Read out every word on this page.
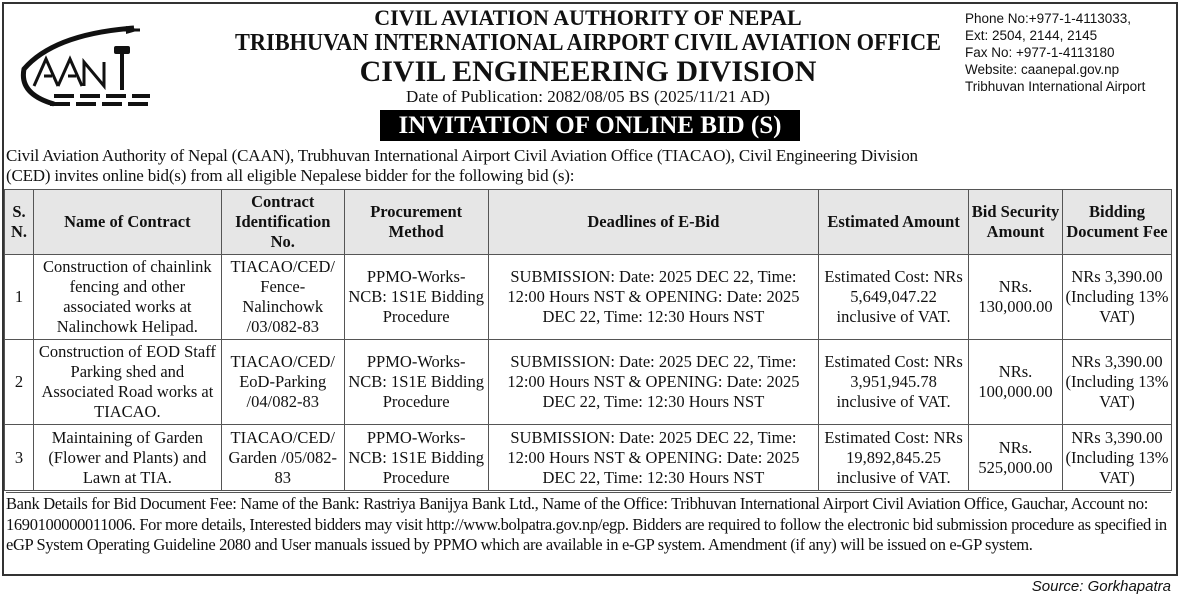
CIVIL AVIATION AUTHORITY OF NEPAL
TRIBHUVAN INTERNATIONAL AIRPORT CIVIL AVIATION OFFICE
CIVIL ENGINEERING DIVISION
Date of Publication: 2082/08/05 BS (2025/11/21 AD)
INVITATION OF ONLINE BID (S)
Phone No:+977-1-4113033,
Ext: 2504, 2144, 2145
Fax No: +977-1-4113180
Website: caanepal.gov.np
Tribhuvan International Airport
Civil Aviation Authority of Nepal (CAAN), Trubhuvan International Airport Civil Aviation Office (TIACAO), Civil Engineering Division (CED) invites online bid(s) from all eligible Nepalese bidder for the following bid (s):
S. N.	Name of Contract	Contract Identification No.	Procurement Method	Deadlines of E-Bid	Estimated Amount	Bid Security Amount	Bidding Document Fee
1	Construction of chainlink fencing and other associated works at Nalinchowk Helipad.	TIACAO/CED/ Fence- Nalinchowk /03/082-83	PPMO-Works- NCB: 1S1E Bidding Procedure	SUBMISSION: Date: 2025 DEC 22, Time: 12:00 Hours NST & OPENING: Date: 2025 DEC 22, Time: 12:30 Hours NST	Estimated Cost: NRs 5,649,047.22 inclusive of VAT.	NRs. 130,000.00	NRs 3,390.00 (Including 13% VAT)
2	Construction of EOD Staff Parking shed and Associated Road works at TIACAO.	TIACAO/CED/ EoD-Parking /04/082-83	PPMO-Works- NCB: 1S1E Bidding Procedure	SUBMISSION: Date: 2025 DEC 22, Time: 12:00 Hours NST & OPENING: Date: 2025 DEC 22, Time: 12:30 Hours NST	Estimated Cost: NRs 3,951,945.78 inclusive of VAT.	NRs. 100,000.00	NRs 3,390.00 (Including 13% VAT)
3	Maintaining of Garden (Flower and Plants) and Lawn at TIA.	TIACAO/CED/ Garden /05/082- 83	PPMO-Works- NCB: 1S1E Bidding Procedure	SUBMISSION: Date: 2025 DEC 22, Time: 12:00 Hours NST & OPENING: Date: 2025 DEC 22, Time: 12:30 Hours NST	Estimated Cost: NRs 19,892,845.25 inclusive of VAT.	NRs. 525,000.00	NRs 3,390.00 (Including 13% VAT)
Bank Details for Bid Document Fee: Name of the Bank: Rastriya Banijya Bank Ltd., Name of the Office: Tribhuvan International Airport Civil Aviation Office, Gauchar, Account no: 1690100000011006. For more details, Interested bidders may visit http://www.bolpatra.gov.np/egp. Bidders are required to follow the electronic bid submission procedure as specified in eGP System Operating Guideline 2080 and User manuals issued by PPMO which are available in e-GP system. Amendment (if any) will be issued on e-GP system.
Source: Gorkhapatra
